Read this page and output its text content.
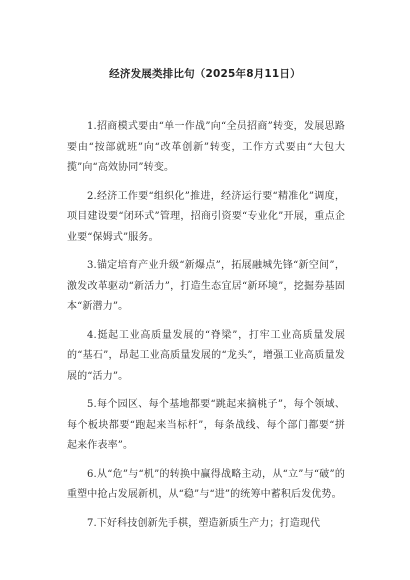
经济发展类排比句（2025年8月11日）

1.招商模式要由“单一作战”向“全员招商”转变，发展思路要由“按部就班”向“改革创新”转变，工作方式要由“大包大揽”向“高效协同”转变。

2.经济工作要“组织化”推进，经济运行要“精准化”调度，项目建设要“闭环式”管理，招商引资要“专业化”开展，重点企业要“保姆式”服务。

3.锚定培育产业升级“新爆点”，拓展融城先锋“新空间”，激发改革驱动“新活力”，打造生态宜居“新环境”，挖掘券基固本“新潜力”。

4.挺起工业高质量发展的“脊梁”，打牢工业高质量发展的“基石”，昂起工业高质量发展的“龙头”，增强工业高质量发展的“活力”。

5.每个园区、每个基地都要“跳起来摘桃子”，每个领域、每个板块都要“跑起来当标杆”，每条战线、每个部门都要“拼起来作表率”。

6.从“危”与“机”的转换中赢得战略主动，从“立”与“破”的重塑中抢占发展新机，从“稳”与“进”的统筹中蓄积后发优势。

7.下好科技创新先手棋，塑造新质生产力；打造现代
